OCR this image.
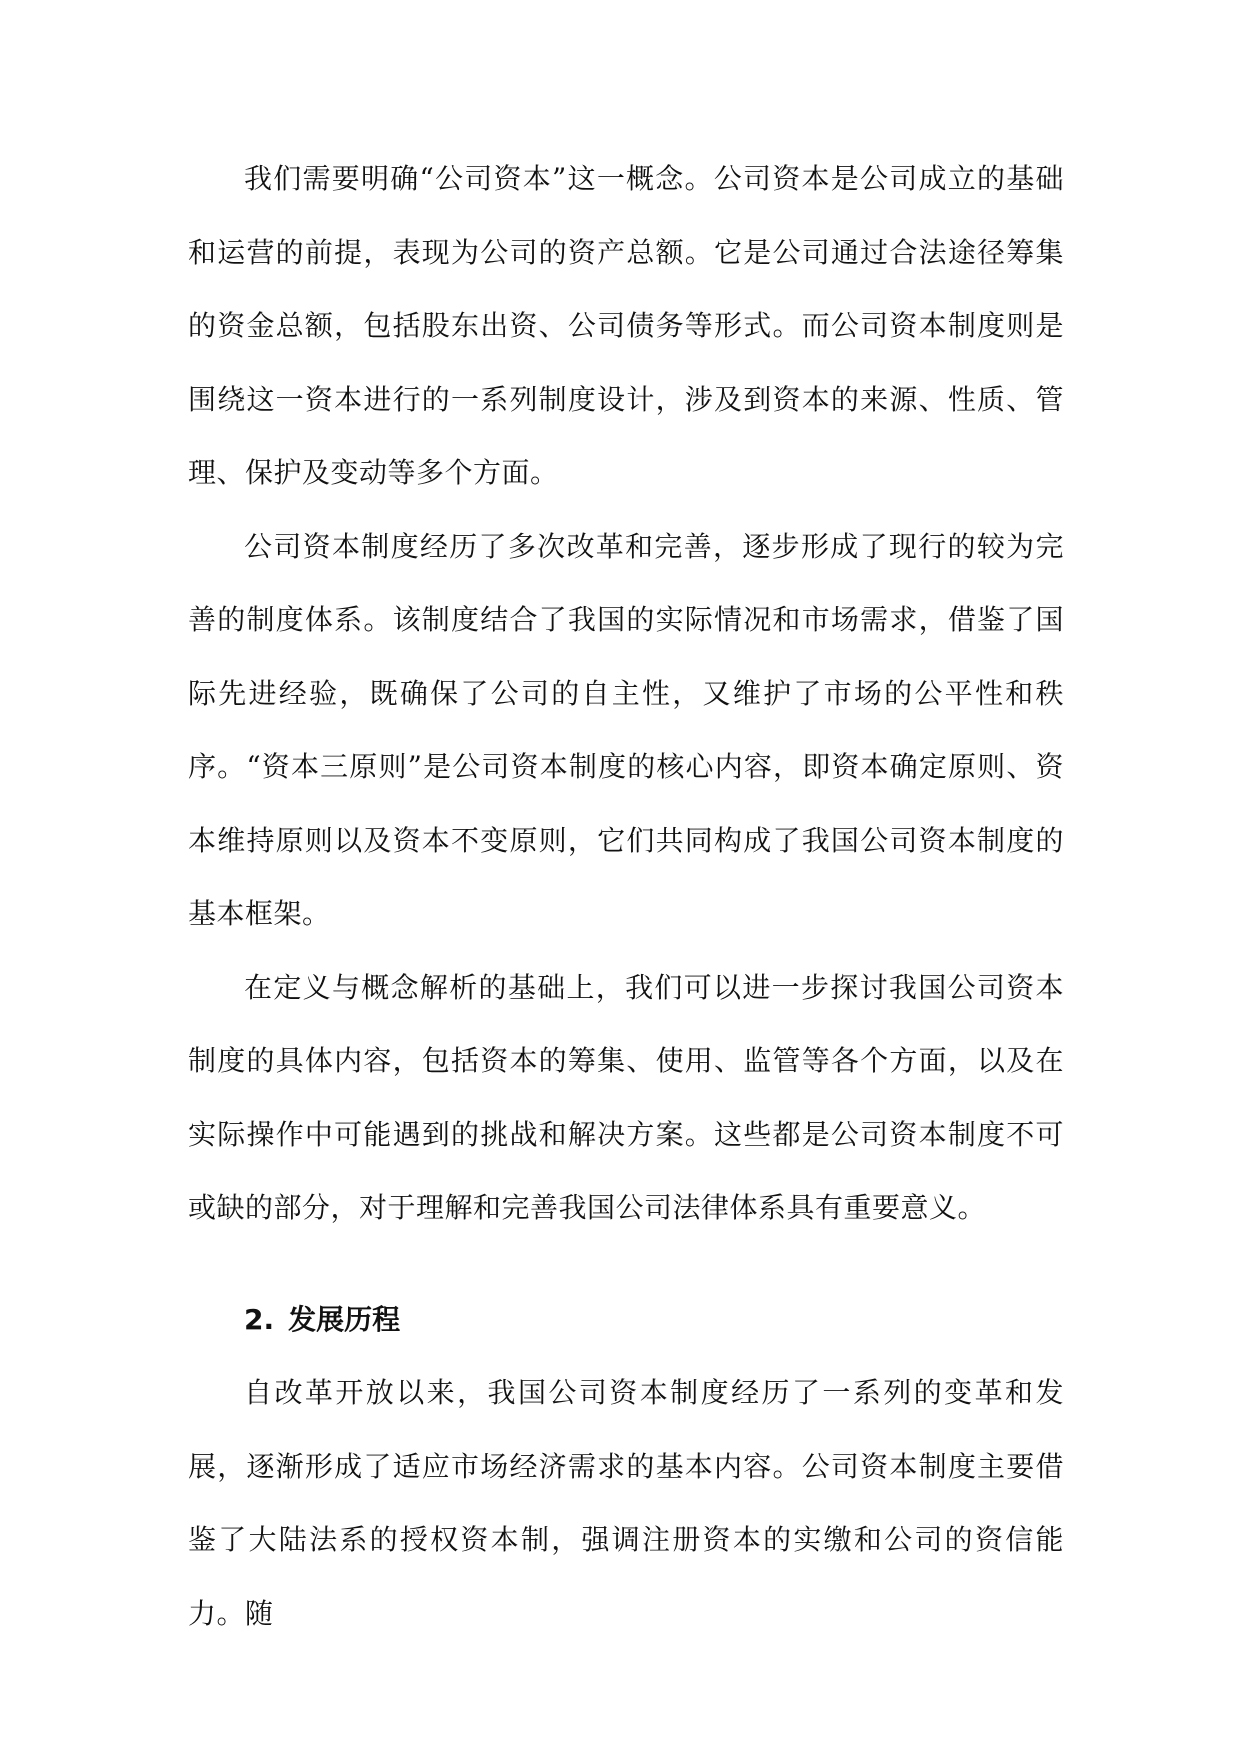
我们需要明确“公司资本”这一概念。公司资本是公司成立的基础和运营的前提，表现为公司的资产总额。它是公司通过合法途径筹集的资金总额，包括股东出资、公司债务等形式。而公司资本制度则是围绕这一资本进行的一系列制度设计，涉及到资本的来源、性质、管理、保护及变动等多个方面。

公司资本制度经历了多次改革和完善，逐步形成了现行的较为完善的制度体系。该制度结合了我国的实际情况和市场需求，借鉴了国际先进经验，既确保了公司的自主性，又维护了市场的公平性和秩序。“资本三原则”是公司资本制度的核心内容，即资本确定原则、资本维持原则以及资本不变原则，它们共同构成了我国公司资本制度的基本框架。

在定义与概念解析的基础上，我们可以进一步探讨我国公司资本制度的具体内容，包括资本的筹集、使用、监管等各个方面，以及在实际操作中可能遇到的挑战和解决方案。这些都是公司资本制度不可或缺的部分，对于理解和完善我国公司法律体系具有重要意义。

2. 发展历程

自改革开放以来，我国公司资本制度经历了一系列的变革和发展，逐渐形成了适应市场经济需求的基本内容。公司资本制度主要借鉴了大陆法系的授权资本制，强调注册资本的实缴和公司的资信能力。随
